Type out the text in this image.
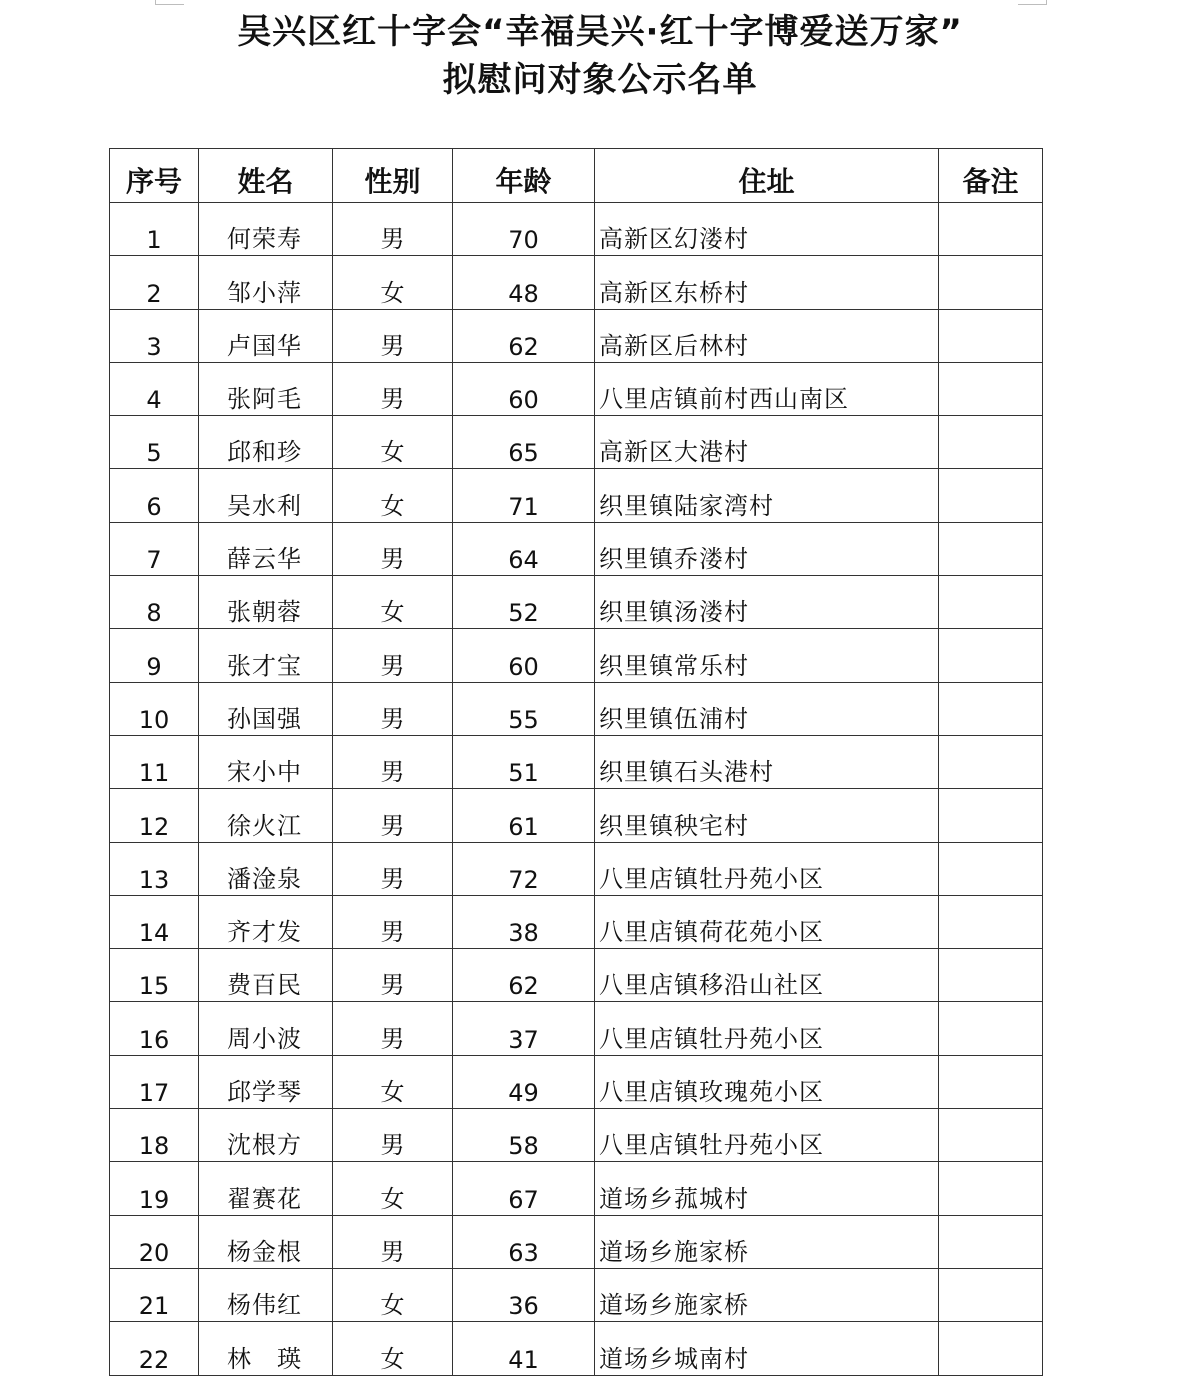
吴兴区红十字会“幸福吴兴·红十字博爱送万家”
拟慰问对象公示名单
序号	姓名	性别	年龄	住址	备注
1	何荣寿	男	70	高新区幻溇村	
2	邹小萍	女	48	高新区东桥村	
3	卢国华	男	62	高新区后林村	
4	张阿毛	男	60	八里店镇前村西山南区	
5	邱和珍	女	65	高新区大港村	
6	吴水利	女	71	织里镇陆家湾村	
7	薛云华	男	64	织里镇乔溇村	
8	张朝蓉	女	52	织里镇汤溇村	
9	张才宝	男	60	织里镇常乐村	
10	孙国强	男	55	织里镇伍浦村	
11	宋小中	男	51	织里镇石头港村	
12	徐火江	男	61	织里镇秧宅村	
13	潘淦泉	男	72	八里店镇牡丹苑小区	
14	齐才发	男	38	八里店镇荷花苑小区	
15	费百民	男	62	八里店镇移沿山社区	
16	周小波	男	37	八里店镇牡丹苑小区	
17	邱学琴	女	49	八里店镇玫瑰苑小区	
18	沈根方	男	58	八里店镇牡丹苑小区	
19	翟赛花	女	67	道场乡菰城村	
20	杨金根	男	63	道场乡施家桥	
21	杨伟红	女	36	道场乡施家桥	
22	林　瑛	女	41	道场乡城南村	
